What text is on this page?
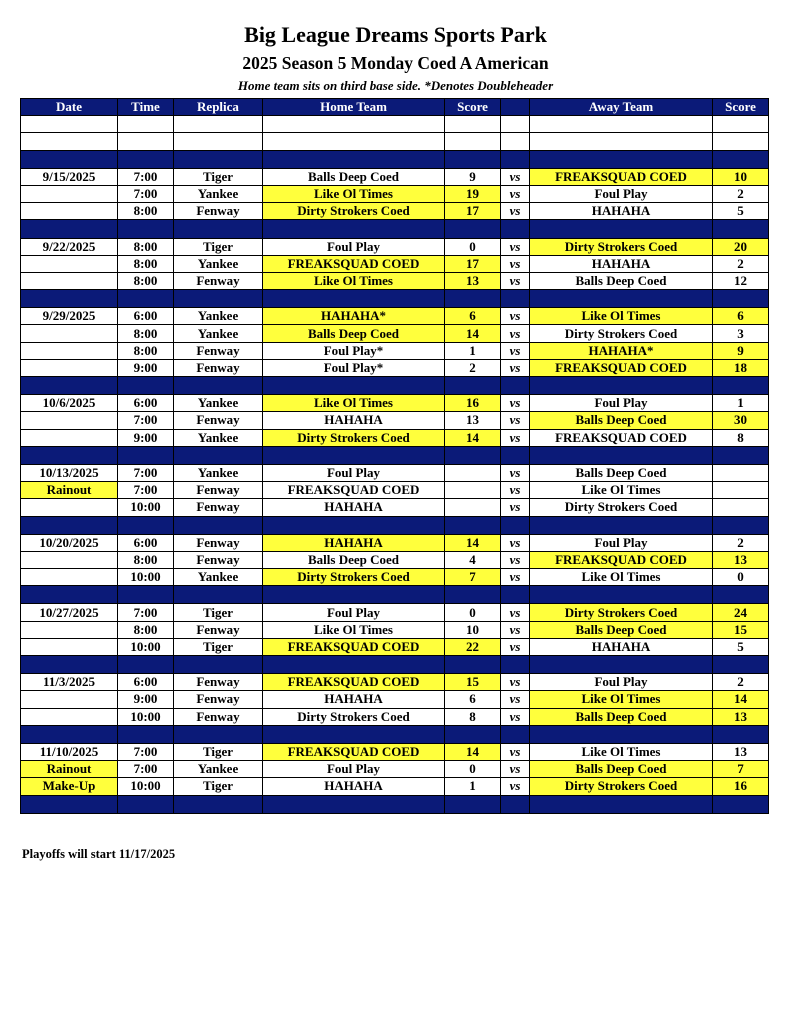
Big League Dreams Sports Park
2025 Season 5 Monday Coed A American
Home team sits on third base side. *Denotes Doubleheader
Date	Time	Replica	Home Team	Score		Away Team	Score

9/15/2025	7:00	Tiger	Balls Deep Coed	9	vs	FREAKSQUAD COED	10
	7:00	Yankee	Like Ol Times	19	vs	Foul Play	2
	8:00	Fenway	Dirty Strokers Coed	17	vs	HAHAHA	5

9/22/2025	8:00	Tiger	Foul Play	0	vs	Dirty Strokers Coed	20
	8:00	Yankee	FREAKSQUAD COED	17	vs	HAHAHA	2
	8:00	Fenway	Like Ol Times	13	vs	Balls Deep Coed	12

9/29/2025	6:00	Yankee	HAHAHA*	6	vs	Like Ol Times	6
	8:00	Yankee	Balls Deep Coed	14	vs	Dirty Strokers Coed	3
	8:00	Fenway	Foul Play*	1	vs	HAHAHA*	9
	9:00	Fenway	Foul Play*	2	vs	FREAKSQUAD COED	18

10/6/2025	6:00	Yankee	Like Ol Times	16	vs	Foul Play	1
	7:00	Fenway	HAHAHA	13	vs	Balls Deep Coed	30
	9:00	Yankee	Dirty Strokers Coed	14	vs	FREAKSQUAD COED	8

10/13/2025	7:00	Yankee	Foul Play		vs	Balls Deep Coed	
Rainout	7:00	Fenway	FREAKSQUAD COED		vs	Like Ol Times	
	10:00	Fenway	HAHAHA		vs	Dirty Strokers Coed	

10/20/2025	6:00	Fenway	HAHAHA	14	vs	Foul Play	2
	8:00	Fenway	Balls Deep Coed	4	vs	FREAKSQUAD COED	13
	10:00	Yankee	Dirty Strokers Coed	7	vs	Like Ol Times	0

10/27/2025	7:00	Tiger	Foul Play	0	vs	Dirty Strokers Coed	24
	8:00	Fenway	Like Ol Times	10	vs	Balls Deep Coed	15
	10:00	Tiger	FREAKSQUAD COED	22	vs	HAHAHA	5

11/3/2025	6:00	Fenway	FREAKSQUAD COED	15	vs	Foul Play	2
	9:00	Fenway	HAHAHA	6	vs	Like Ol Times	14
	10:00	Fenway	Dirty Strokers Coed	8	vs	Balls Deep Coed	13

11/10/2025	7:00	Tiger	FREAKSQUAD COED	14	vs	Like Ol Times	13
Rainout	7:00	Yankee	Foul Play	0	vs	Balls Deep Coed	7
Make-Up	10:00	Tiger	HAHAHA	1	vs	Dirty Strokers Coed	16

Playoffs will start 11/17/2025
